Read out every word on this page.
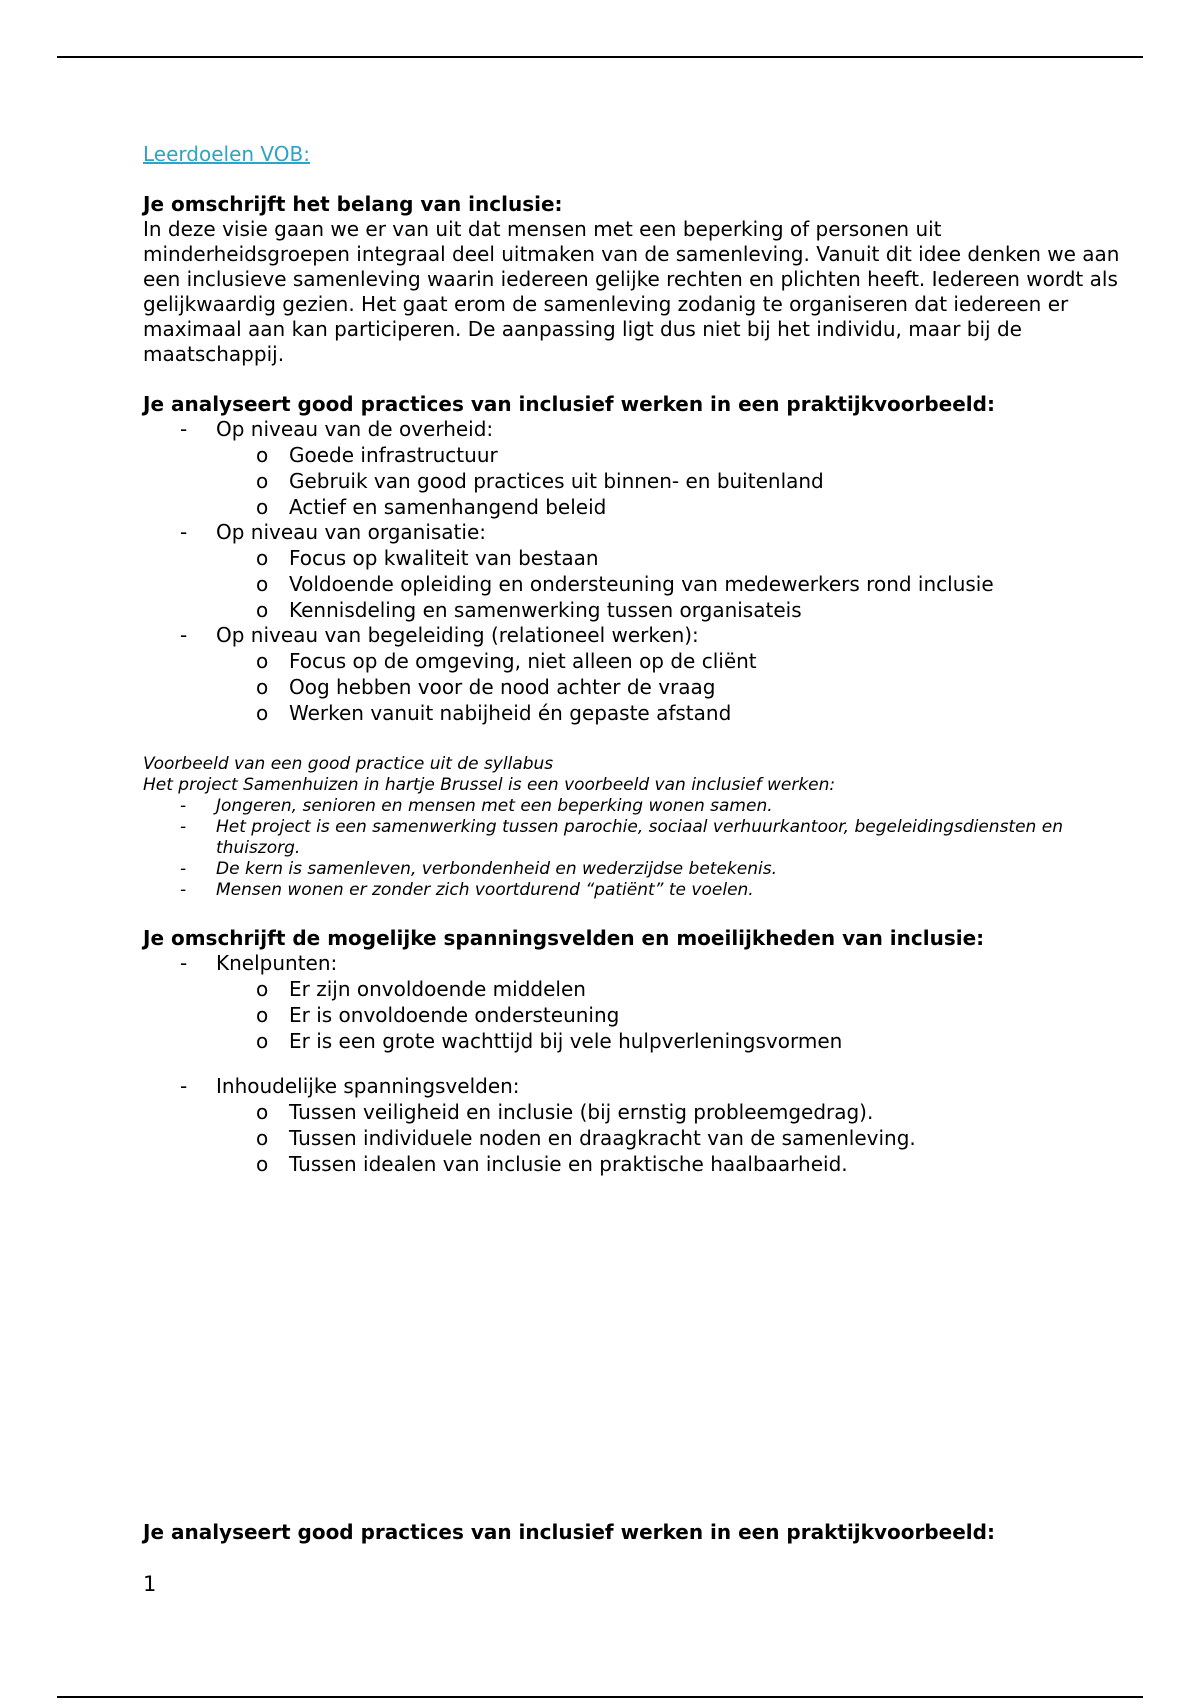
Leerdoelen VOB:
Je omschrijft het belang van inclusie:
In deze visie gaan we er van uit dat mensen met een beperking of personen uit minderheidsgroepen integraal deel uitmaken van de samenleving. Vanuit dit idee denken we aan een inclusieve samenleving waarin iedereen gelijke rechten en plichten heeft. Iedereen wordt als gelijkwaardig gezien. Het gaat erom de samenleving zodanig te organiseren dat iedereen er maximaal aan kan participeren. De aanpassing ligt dus niet bij het individu, maar bij de maatschappij.
Je analyseert good practices van inclusief werken in een praktijkvoorbeeld:
- Op niveau van de overheid:
o Goede infrastructuur
o Gebruik van good practices uit binnen- en buitenland
o Actief en samenhangend beleid
- Op niveau van organisatie:
o Focus op kwaliteit van bestaan
o Voldoende opleiding en ondersteuning van medewerkers rond inclusie
o Kennisdeling en samenwerking tussen organisateis
- Op niveau van begeleiding (relationeel werken):
o Focus op de omgeving, niet alleen op de cliënt
o Oog hebben voor de nood achter de vraag
o Werken vanuit nabijheid én gepaste afstand
Voorbeeld van een good practice uit de syllabus
Het project Samenhuizen in hartje Brussel is een voorbeeld van inclusief werken:
- Jongeren, senioren en mensen met een beperking wonen samen.
- Het project is een samenwerking tussen parochie, sociaal verhuurkantoor, begeleidingsdiensten en thuiszorg.
- De kern is samenleven, verbondenheid en wederzijdse betekenis.
- Mensen wonen er zonder zich voortdurend “patiënt” te voelen.
Je omschrijft de mogelijke spanningsvelden en moeilijkheden van inclusie:
- Knelpunten:
o Er zijn onvoldoende middelen
o Er is onvoldoende ondersteuning
o Er is een grote wachttijd bij vele hulpverleningsvormen
- Inhoudelijke spanningsvelden:
o Tussen veiligheid en inclusie (bij ernstig probleemgedrag).
o Tussen individuele noden en draagkracht van de samenleving.
o Tussen idealen van inclusie en praktische haalbaarheid.
Je analyseert good practices van inclusief werken in een praktijkvoorbeeld:
1
